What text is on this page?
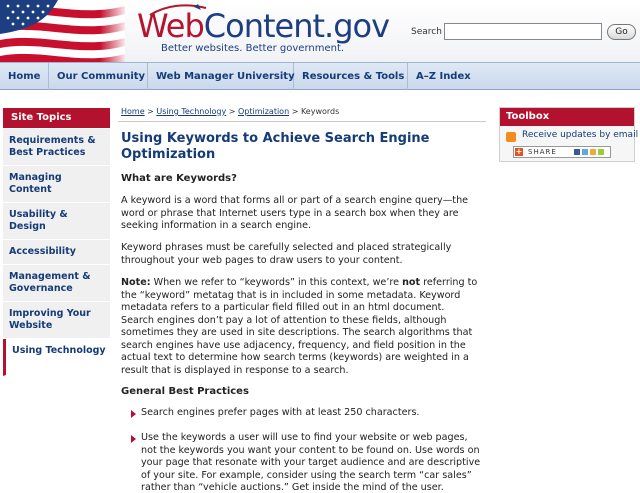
WebContent.gov
Better websites. Better government.
Search	Go
Home	Our Community	Web Manager University Resources & Tools	A–Z Index
Site Topics
Requirements & Best Practices
Managing Content
Usability & Design
Accessibility
Management & Governance
Improving Your Website
Using Technology
Home > Using Technology > Optimization > Keywords
Using Keywords to Achieve Search Engine Optimization
What are Keywords?

A keyword is a word that forms all or part of a search engine query—the word or phrase that Internet users type in a search box when they are seeking information in a search engine.

Keyword phrases must be carefully selected and placed strategically throughout your web pages to draw users to your content.

Note: When we refer to “keywords” in this context, we’re not referring to the “keyword” metatag that is in included in some metadata. Keyword metadata refers to a particular field filled out in an html document. Search engines don’t pay a lot of attention to these fields, although sometimes they are used in site descriptions. The search algorithms that search engines have use adjacency, frequency, and field position in the actual text to determine how search terms (keywords) are weighted in a result that is displayed in response to a search.

General Best Practices
Search engines prefer pages with at least 250 characters.
Use the keywords a user will use to find your website or web pages, not the keywords you want your content to be found on. Use words on your page that resonate with your target audience and are descriptive of your site. For example, consider using the search term “car sales” rather than “vehicle auctions.” Get inside the mind of the user.
Toolbox
Receive updates by email
+ SHARE
